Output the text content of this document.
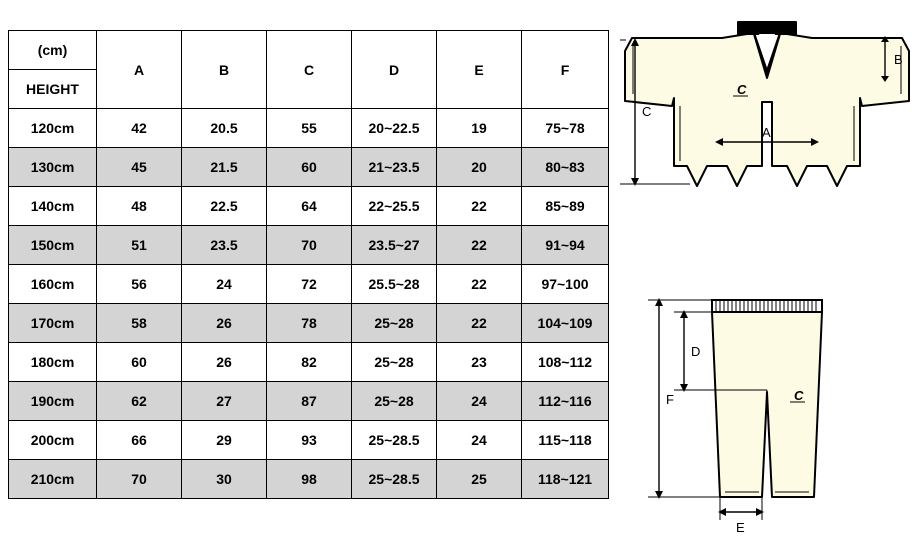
(cm)	A	B	C	D	E	F
HEIGHT						
120cm	42	20.5	55	20~22.5	19	75~78
130cm	45	21.5	60	21~23.5	20	80~83
140cm	48	22.5	64	22~25.5	22	85~89
150cm	51	23.5	70	23.5~27	22	91~94
160cm	56	24	72	25.5~28	22	97~100
170cm	58	26	78	25~28	22	104~109
180cm	60	26	82	25~28	23	108~112
190cm	62	27	87	25~28	24	112~116
200cm	66	29	93	25~28.5	24	115~118
210cm	70	30	98	25~28.5	25	118~121
C
B
C
A
C
D
F
E
